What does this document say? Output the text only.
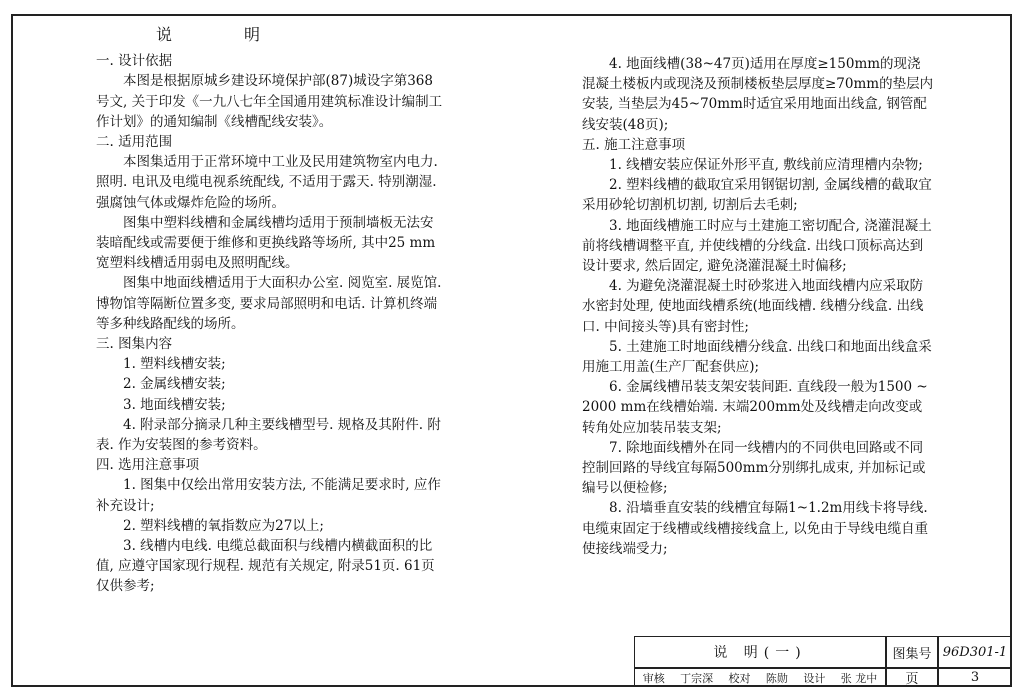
说　明

一. 设计依据

本图是根据原城乡建设环境保护部(87)城设字第368号文, 关于印发《一九八七年全国通用建筑标准设计编制工作计划》的通知编制《线槽配线安装》。

二. 适用范围

本图集适用于正常环境中工业及民用建筑物室内电力. 照明. 电讯及电缆电视系统配线, 不适用于露天. 特别潮湿. 强腐蚀气体或爆炸危险的场所。

图集中塑料线槽和金属线槽均适用于预制墙板无法安装暗配线或需要便于维修和更换线路等场所, 其中25 mm 宽塑料线槽适用弱电及照明配线。

图集中地面线槽适用于大面积办公室. 阅览室. 展览馆. 博物馆等隔断位置多变, 要求局部照明和电话. 计算机终端等多种线路配线的场所。

三. 图集内容

1. 塑料线槽安装;

2. 金属线槽安装;

3. 地面线槽安装;

4. 附录部分摘录几种主要线槽型号. 规格及其附件. 附表. 作为安装图的参考资料。

四. 选用注意事项

1. 图集中仅绘出常用安装方法, 不能满足要求时, 应作补充设计;

2. 塑料线槽的氧指数应为27以上;

3. 线槽内电线. 电缆总截面积与线槽内横截面积的比值, 应遵守国家现行规程. 规范有关规定, 附录51页. 61页仅供参考;

4. 地面线槽(38~47页)适用在厚度≥150mm的现浇混凝土楼板内或现浇及预制楼板垫层厚度≥70mm的垫层内安装, 当垫层为45~70mm时适宜采用地面出线盒, 钢管配线安装(48页);

五. 施工注意事项

1. 线槽安装应保证外形平直, 敷线前应清理槽内杂物;

2. 塑料线槽的截取宜采用钢锯切割, 金属线槽的截取宜采用砂轮切割机切割, 切割后去毛刺;

3. 地面线槽施工时应与土建施工密切配合, 浇灌混凝土前将线槽调整平直, 并使线槽的分线盒. 出线口顶标高达到设计要求, 然后固定, 避免浇灌混凝土时偏移;

4. 为避免浇灌混凝土时砂浆进入地面线槽内应采取防水密封处理, 使地面线槽系统(地面线槽. 线槽分线盒. 出线口. 中间接头等)具有密封性;

5. 土建施工时地面线槽分线盒. 出线口和地面出线盒采用施工用盖(生产厂配套供应);

6. 金属线槽吊装支架安装间距. 直线段一般为1500 ~ 2000 mm在线槽始端. 末端200mm处及线槽走向改变或转角处应加装吊装支架;

7. 除地面线槽外在同一线槽内的不同供电回路或不同控制回路的导线宜每隔500mm分别绑扎成束, 并加标记或编号以便检修;

8. 沿墙垂直安装的线槽宜每隔1~1.2m用线卡将导线. 电缆束固定于线槽或线槽接线盒上, 以免由于导线电缆自重使接线端受力;

说 明(一)	图集号 96D301-1
审核 丁宗深 校对 陈勋 设计 张 龙中	页	3
